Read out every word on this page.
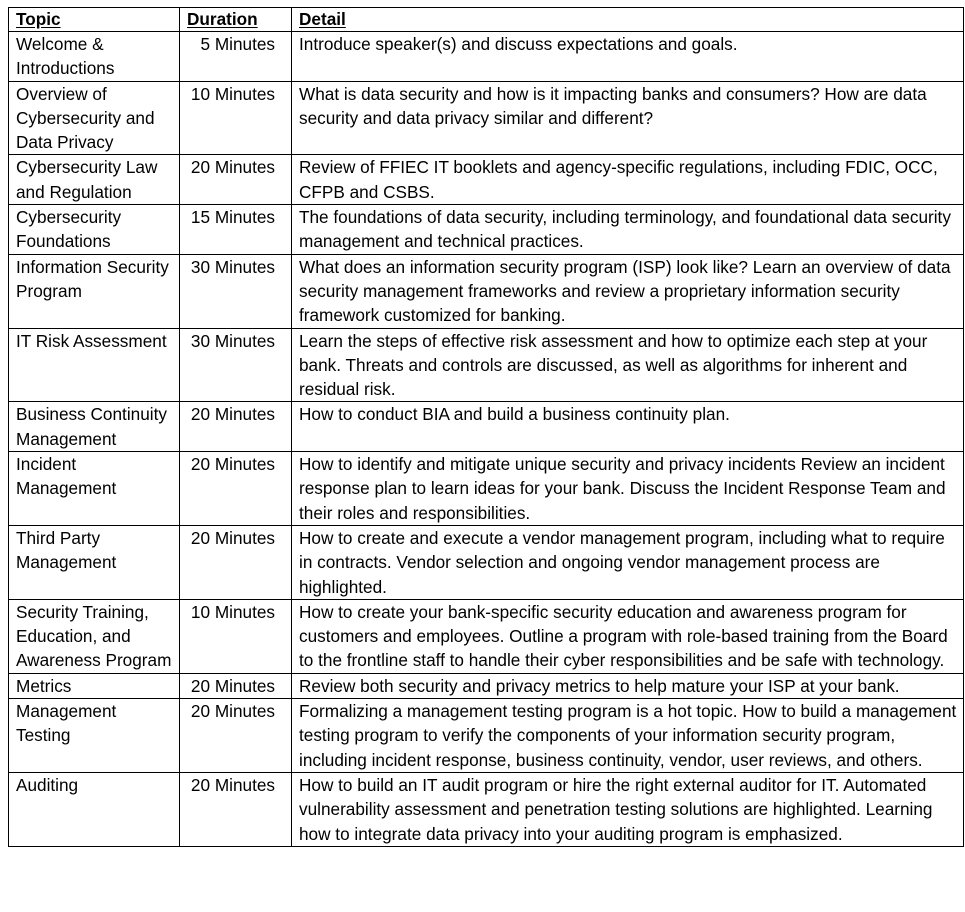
Topic	Duration	Detail
Welcome & Introductions	5 Minutes	Introduce speaker(s) and discuss expectations and goals.
Overview of Cybersecurity and Data Privacy	10 Minutes	What is data security and how is it impacting banks and consumers? How are data security and data privacy similar and different?
Cybersecurity Law and Regulation	20 Minutes	Review of FFIEC IT booklets and agency-specific regulations, including FDIC, OCC, CFPB and CSBS.
Cybersecurity Foundations	15 Minutes	The foundations of data security, including terminology, and foundational data security management and technical practices.
Information Security Program	30 Minutes	What does an information security program (ISP) look like? Learn an overview of data security management frameworks and review a proprietary information security framework customized for banking.
IT Risk Assessment	30 Minutes	Learn the steps of effective risk assessment and how to optimize each step at your bank. Threats and controls are discussed, as well as algorithms for inherent and residual risk.
Business Continuity Management	20 Minutes	How to conduct BIA and build a business continuity plan.
Incident Management	20 Minutes	How to identify and mitigate unique security and privacy incidents Review an incident response plan to learn ideas for your bank. Discuss the Incident Response Team and their roles and responsibilities.
Third Party Management	20 Minutes	How to create and execute a vendor management program, including what to require in contracts. Vendor selection and ongoing vendor management process are highlighted.
Security Training, Education, and Awareness Program	10 Minutes	How to create your bank-specific security education and awareness program for customers and employees. Outline a program with role-based training from the Board to the frontline staff to handle their cyber responsibilities and be safe with technology.
Metrics	20 Minutes	Review both security and privacy metrics to help mature your ISP at your bank.
Management Testing	20 Minutes	Formalizing a management testing program is a hot topic. How to build a management testing program to verify the components of your information security program, including incident response, business continuity, vendor, user reviews, and others.
Auditing	20 Minutes	How to build an IT audit program or hire the right external auditor for IT. Automated vulnerability assessment and penetration testing solutions are highlighted. Learning how to integrate data privacy into your auditing program is emphasized.
